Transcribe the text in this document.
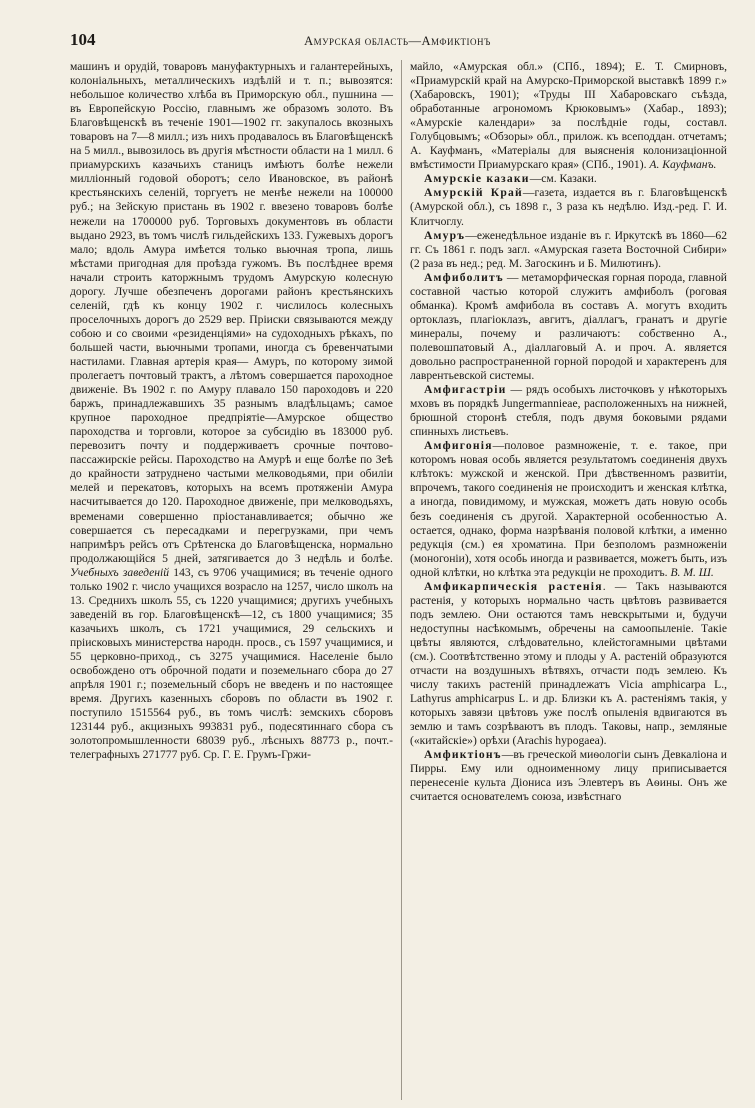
104	Амурская область—Амфиктiонъ

машинъ и орудiй, товаровъ мануфактурныхъ и галантерейныхъ, колонiальныхъ, металлическихъ издѣлiй и т. п.; вывозятся: небольшое количество хлѣба въ Приморскую обл., пушнина — въ Европейскую Россiю, главнымъ же образомъ золото. Въ Благовѣщенскѣ въ теченiе 1901—1902 гг. закупалось вкозныхъ товаровъ на 7—8 милл.; изъ нихъ продавалось въ Благовѣщенскѣ на 5 милл., вывозилось въ другiя мѣстности области на 1 милл. 6 приамурскихъ казачьихъ станицъ имѣютъ болѣе нежели миллiонный годовой оборотъ; село Ивановское, въ районѣ крестьянскихъ селенiй, торгуетъ не менѣе нежели на 100000 руб.; на Зейскую пристань въ 1902 г. ввезено товаровъ болѣе нежели на 1700000 руб. Торговыхъ документовъ въ области выдано 2923, въ томъ числѣ гильдейскихъ 133. Гужевыхъ дорогъ мало; вдоль Амура имѣется только вьючная тропа, лишь мѣстами пригодная для проѣзда гужомъ. Въ послѣднее время начали строить каторжнымъ трудомъ Амурскую колесную дорогу. Лучше обезпеченъ дорогами районъ крестьянскихъ селенiй, гдѣ къ концу 1902 г. числилось колесныхъ проселочныхъ дорогъ до 2529 вер. Прiиски связываются между собою и со своими «резиденцiями» на судоходныхъ рѣкахъ, по большей части, вьючными тропами, иногда съ бревенчатыми настилами. Главная артерiя края— Амуръ, по которому зимой пролегаетъ почтовый трактъ, а лѣтомъ совершается пароходное движенiе. Въ 1902 г. по Амуру плавало 150 пароходовъ и 220 баржъ, принадлежавшихъ 35 разнымъ владѣльцамъ; самое крупное пароходное предпрiятiе—Амурское общество пароходства и торговли, которое за субсидiю въ 183000 руб. перевозитъ почту и поддерживаетъ срочные почтово-пассажирскiе рейсы. Пароходство на Амурѣ и еще болѣе по Зеѣ до крайности затруднено частыми мелководьями, при обилiи мелей и перекатовъ, которыхъ на всемъ протяженiи Амура насчитывается до 120. Пароходное движенiе, при мелководьяхъ, временами совершенно прiостанавливается; обычно же совершается съ пересадками и перегрузками, при чемъ напримѣръ рейсъ отъ Срѣтенска до Благовѣщенска, нормально продолжающiйся 5 дней, затягивается до 3 недѣль и болѣе. Учебныхъ заведенiй 143, съ 9706 учащимися; въ теченiе одного только 1902 г. число учащихся возрасло на 1257, число школъ на 13. Среднихъ школъ 55, съ 1220 учащимися; другихъ учебныхъ заведенiй въ гор. Благовѣщенскѣ—12, съ 1800 учащимися; 35 казачьихъ школъ, съ 1721 учащимися, 29 сельскихъ и прiисковыхъ министерства народн. просв., съ 1597 учащимися, и 55 церковно-приход., съ 3275 учащимися. Населенiе было освобождено отъ оброчной подати и поземельнаго сбора до 27 апрѣля 1901 г.; поземельный сборъ не введенъ и по настоящее время. Другихъ казенныхъ сборовъ по области въ 1902 г. поступило 1515564 руб., въ томъ числѣ: земскихъ сборовъ 123144 руб., акцизныхъ 993831 руб., подесятиннаго сбора съ золотопромышленности 68039 руб., лѣсныхъ 88773 р., почт.-телеграфныхъ 271777 руб. Ср. Г. Е. Грумъ-Гржи-

майло, «Амурская обл.» (СПб., 1894); Е. Т. Смирновъ, «Приамурскiй край на Амурско-Приморской выставкѣ 1899 г.» (Хабаровскъ, 1901); «Труды III Хабаровскаго съѣзда, обработанные агрономомъ Крюковымъ» (Хабар., 1893); «Амурскiе календари» за послѣднiе годы, составл. Голубцовымъ; «Обзоры» обл., прилож. къ всеподдан. отчетамъ; А. Кауфманъ, «Матерiалы для выясненiя колонизацiонной вмѣстимости Приамурскаго края» (СПб., 1901). А. Кауфманъ.

Амурскiе казаки—см. Казаки.

Амурскiй Край—газета, издается въ г. Благовѣщенскѣ (Амурской обл.), съ 1898 г., 3 раза къ недѣлю. Изд.-ред. Г. И. Клитчоглу.

Амуръ—еженедѣльное изданiе въ г. Иркутскѣ въ 1860—62 гг. Съ 1861 г. подъ загл. «Амурская газета Восточной Сибири» (2 раза въ нед.; ред. М. Загоскинъ и Б. Милютинъ).

Амфиболитъ — метаморфическая горная порода, главной составной частью которой служитъ амфиболъ (роговая обманка). Кромѣ амфибола въ составъ А. могутъ входить ортоклазъ, плагiоклазъ, авгитъ, дiаллагъ, гранатъ и другiе минералы, почему и различаютъ: собственно А., полевошпатовый А., дiаллаговый А. и проч. А. является довольно распространенной горной породой и характеренъ для лаврентьевской системы.

Амфигастрiи — рядъ особыхъ листочковъ у нѣкоторыхъ мховъ въ порядкѣ Jungermannieae, расположенныхъ на нижней, брюшной сторонѣ стебля, подъ двумя боковыми рядами спинныхъ листьевъ.

Амфигонiя—половое размноженiе, т. е. такое, при которомъ новая особь является результатомъ соединенiя двухъ клѣтокъ: мужской и женской. При дѣвственномъ развитiи, впрочемъ, такого соединенiя не происходитъ и женская клѣтка, а иногда, повидимому, и мужская, можетъ дать новую особь безъ соединенiя съ другой. Характерной особенностью А. остается, однако, форма назрѣванiя половой клѣтки, а именно редукцiя (см.) ея хроматина. При безполомъ размноженiи (моногонiи), хотя особь иногда и развивается, можетъ быть, изъ одной клѣтки, но клѣтка эта редукцiи не проходитъ. В. М. Ш.

Амфикарпическiя растенiя. — Такъ называются растенiя, у которыхъ нормально часть цвѣтовъ развивается подъ землею. Они остаются тамъ невскрытыми и, будучи недоступны насѣкомымъ, обречены на самоопыленiе. Такiе цвѣты являются, слѣдовательно, клейстогамными цвѣтами (см.). Соотвѣтственно этому и плоды у А. растенiй образуются отчасти на воздушныхъ вѣтвяхъ, отчасти подъ землею. Къ числу такихъ растенiй принадлежатъ Vicia amphicarpa L., Lathyrus amphicarpus L. и др. Близки къ А. растенiямъ такiя, у которыхъ завязи цвѣтовъ уже послѣ опыленiя вдвигаются въ землю и тамъ созрѣваютъ въ плодъ. Таковы, напр., земляные («китайскiе») орѣхи (Arachis hypogaea).

Амфиктiонъ—въ греческой миѳологiи сынъ Девкалiона и Пирры. Ему или одноименному лицу приписывается перенесенiе культа Дiониса изъ Элевтеръ въ Аѳины. Онъ же считается основателемъ союза, извѣстнаго
